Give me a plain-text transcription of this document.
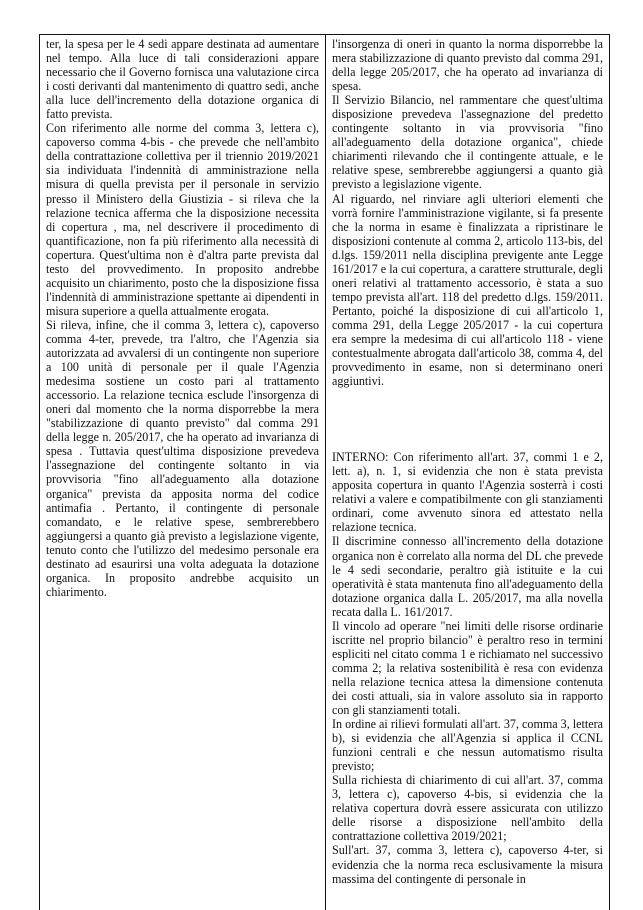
ter, la spesa per le 4 sedi appare destinata ad aumentare nel tempo. Alla luce di tali considerazioni appare necessario che il Governo fornisca una valutazione circa i costi derivanti dal mantenimento di quattro sedi, anche alla luce dell'incremento della dotazione organica di fatto prevista.

Con riferimento alle norme del comma 3, lettera c), capoverso comma 4-bis - che prevede che nell'ambito della contrattazione collettiva per il triennio 2019/2021 sia individuata l'indennità di amministrazione nella misura di quella prevista per il personale in servizio presso il Ministero della Giustizia - si rileva che la relazione tecnica afferma che la disposizione necessita di copertura , ma, nel descrivere il procedimento di quantificazione, non fa più riferimento alla necessità di copertura. Quest'ultima non è d'altra parte prevista dal testo del provvedimento. In proposito andrebbe acquisito un chiarimento, posto che la disposizione fissa l'indennità di amministrazione spettante ai dipendenti in misura superiore a quella attualmente erogata.

Si rileva, infine, che il comma 3, lettera c), capoverso comma 4-ter, prevede, tra l'altro, che l'Agenzia sia autorizzata ad avvalersi di un contingente non superiore a 100 unità di personale per il quale l'Agenzia medesima sostiene un costo pari al trattamento accessorio. La relazione tecnica esclude l'insorgenza di oneri dal momento che la norma disporrebbe la mera "stabilizzazione di quanto previsto" dal comma 291 della legge n. 205/2017, che ha operato ad invarianza di spesa . Tuttavia quest'ultima disposizione prevedeva l'assegnazione del contingente soltanto in via provvisoria "fino all'adeguamento alla dotazione organica" prevista da apposita norma del codice antimafia . Pertanto, il contingente di personale comandato, e le relative spese, sembrerebbero aggiungersi a quanto già previsto a legislazione vigente, tenuto conto che l'utilizzo del medesimo personale era destinato ad esaurirsi una volta adeguata la dotazione organica. In proposito andrebbe acquisito un chiarimento.

l'insorgenza di oneri in quanto la norma disporrebbe la mera stabilizzazione di quanto previsto dal comma 291, della legge 205/2017, che ha operato ad invarianza di spesa.

Il Servizio Bilancio, nel rammentare che quest'ultima disposizione prevedeva l'assegnazione del predetto contingente soltanto in via provvisoria "fino all'adeguamento della dotazione organica", chiede chiarimenti rilevando che il contingente attuale, e le relative spese, sembrerebbe aggiungersi a quanto già previsto a legislazione vigente.

Al riguardo, nel rinviare agli ulteriori elementi che vorrà fornire l'amministrazione vigilante, si fa presente che la norma in esame è finalizzata a ripristinare le disposizioni contenute al comma 2, articolo 113-bis, del d.lgs. 159/2011 nella disciplina previgente ante Legge 161/2017 e la cui copertura, a carattere strutturale, degli oneri relativi al trattamento accessorio, è stata a suo tempo prevista all'art. 118 del predetto d.lgs. 159/2011. Pertanto, poiché la disposizione di cui all'articolo 1, comma 291, della Legge 205/2017 - la cui copertura era sempre la medesima di cui all'articolo 118 - viene contestualmente abrogata dall'articolo 38, comma 4, del provvedimento in esame, non si determinano oneri aggiuntivi.

INTERNO: Con riferimento all'art. 37, commi 1 e 2, lett. a), n. 1, si evidenzia che non è stata prevista apposita copertura in quanto l'Agenzia sosterrà i costi relativi a valere e compatibilmente con gli stanziamenti ordinari, come avvenuto sinora ed attestato nella relazione tecnica.

Il discrimine connesso all'incremento della dotazione organica non è correlato alla norma del DL che prevede le 4 sedi secondarie, peraltro già istituite e la cui operatività è stata mantenuta fino all'adeguamento della dotazione organica dalla L. 205/2017, ma alla novella recata dalla L. 161/2017.

Il vincolo ad operare "nei limiti delle risorse ordinarie iscritte nel proprio bilancio" è peraltro reso in termini espliciti nel citato comma 1 e richiamato nel successivo comma 2; la relativa sostenibilità è resa con evidenza nella relazione tecnica attesa la dimensione contenuta dei costi attuali, sia in valore assoluto sia in rapporto con gli stanziamenti totali.

In ordine ai rilievi formulati all'art. 37, comma 3, lettera b), si evidenzia che all'Agenzia si applica il CCNL funzioni centrali e che nessun automatismo risulta previsto;

Sulla richiesta di chiarimento di cui all'art. 37, comma 3, lettera c), capoverso 4-bis, si evidenzia che la relativa copertura dovrà essere assicurata con utilizzo delle risorse a disposizione nell'ambito della contrattazione collettiva 2019/2021;

Sull'art. 37, comma 3, lettera c), capoverso 4-ter, si evidenzia che la norma reca esclusivamente la misura massima del contingente di personale in
